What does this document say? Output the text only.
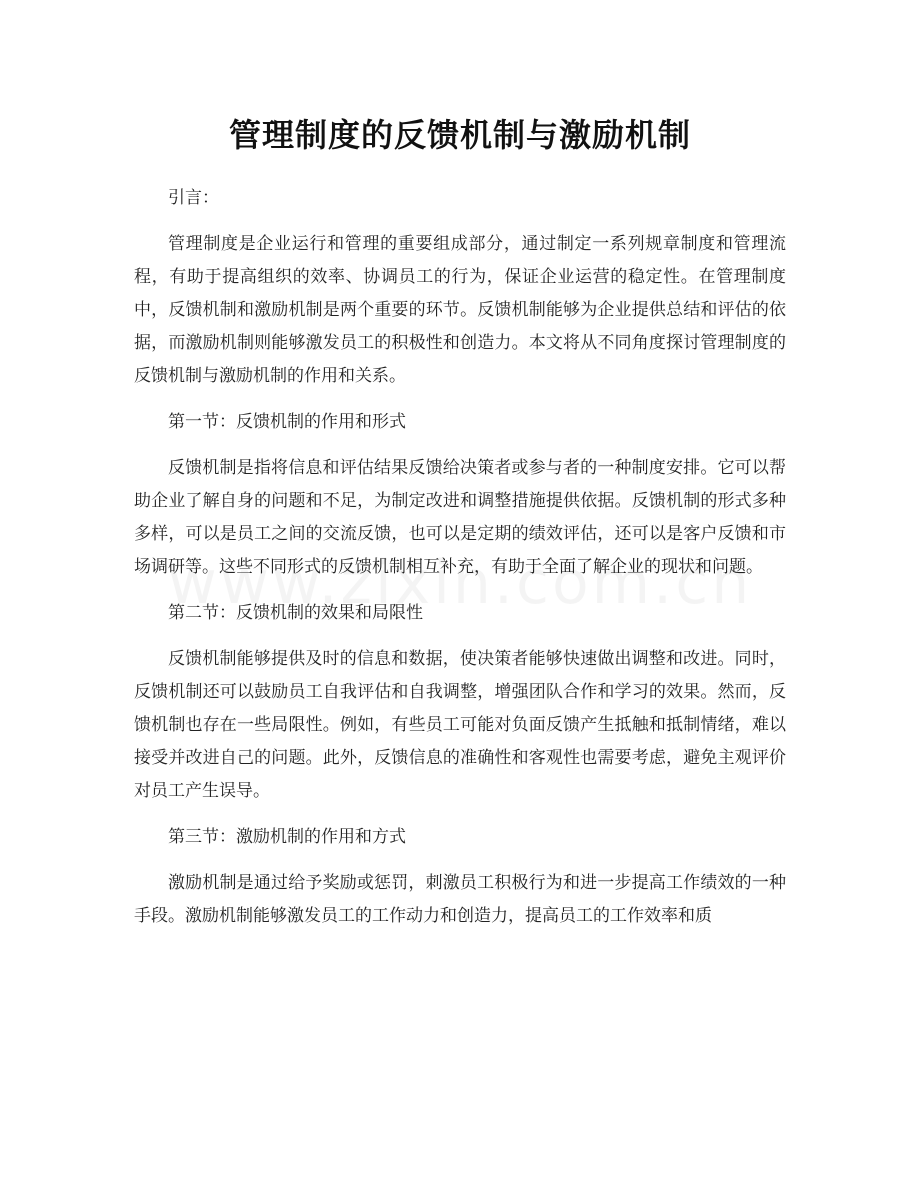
管理制度的反馈机制与激励机制

引言：

管理制度是企业运行和管理的重要组成部分，通过制定一系列规章制度和管理流程，有助于提高组织的效率、协调员工的行为，保证企业运营的稳定性。在管理制度中，反馈机制和激励机制是两个重要的环节。反馈机制能够为企业提供总结和评估的依据，而激励机制则能够激发员工的积极性和创造力。本文将从不同角度探讨管理制度的反馈机制与激励机制的作用和关系。

第一节：反馈机制的作用和形式

反馈机制是指将信息和评估结果反馈给决策者或参与者的一种制度安排。它可以帮助企业了解自身的问题和不足，为制定改进和调整措施提供依据。反馈机制的形式多种多样，可以是员工之间的交流反馈，也可以是定期的绩效评估，还可以是客户反馈和市场调研等。这些不同形式的反馈机制相互补充，有助于全面了解企业的现状和问题。

第二节：反馈机制的效果和局限性

反馈机制能够提供及时的信息和数据，使决策者能够快速做出调整和改进。同时，反馈机制还可以鼓励员工自我评估和自我调整，增强团队合作和学习的效果。然而，反馈机制也存在一些局限性。例如，有些员工可能对负面反馈产生抵触和抵制情绪，难以接受并改进自己的问题。此外，反馈信息的准确性和客观性也需要考虑，避免主观评价对员工产生误导。

第三节：激励机制的作用和方式

激励机制是通过给予奖励或惩罚，刺激员工积极行为和进一步提高工作绩效的一种手段。激励机制能够激发员工的工作动力和创造力，提高员工的工作效率和质
